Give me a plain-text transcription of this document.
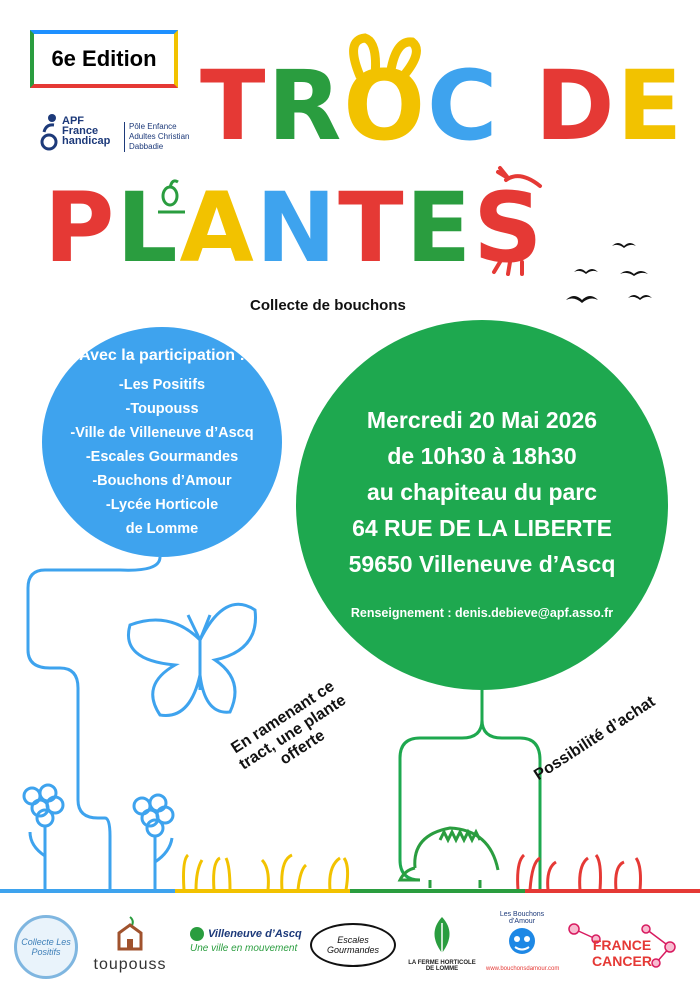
6e Edition
APF France handicap
Pôle Enfance Adultes Christian Dabbadie TROC DE
PLANTES
Collecte de bouchons
Avec la participation :
-Les Positifs
-Toupouss
-Ville de Villeneuve d’Ascq
-Escales Gourmandes
-Bouchons d’Amour
-Lycée Horticole
de Lomme
Mercredi 20 Mai 2026
de 10h30 à 18h30
au chapiteau du parc
64 RUE DE LA LIBERTE
59650 Villeneuve d’Ascq
Renseignement : denis.debieve@apf.asso.fr
En ramenant ce tract, une plante offerte	Possibilité d’achat
Collecte Les Positifs
toupouss
Villeneuve d’Ascq
Une ville en mouvement
Escales Gourmandes
LA FERME HORTICOLE DE LOMME
Les Bouchons d’Amour
www.bouchonsdamour.com
FRANCE CANCER
